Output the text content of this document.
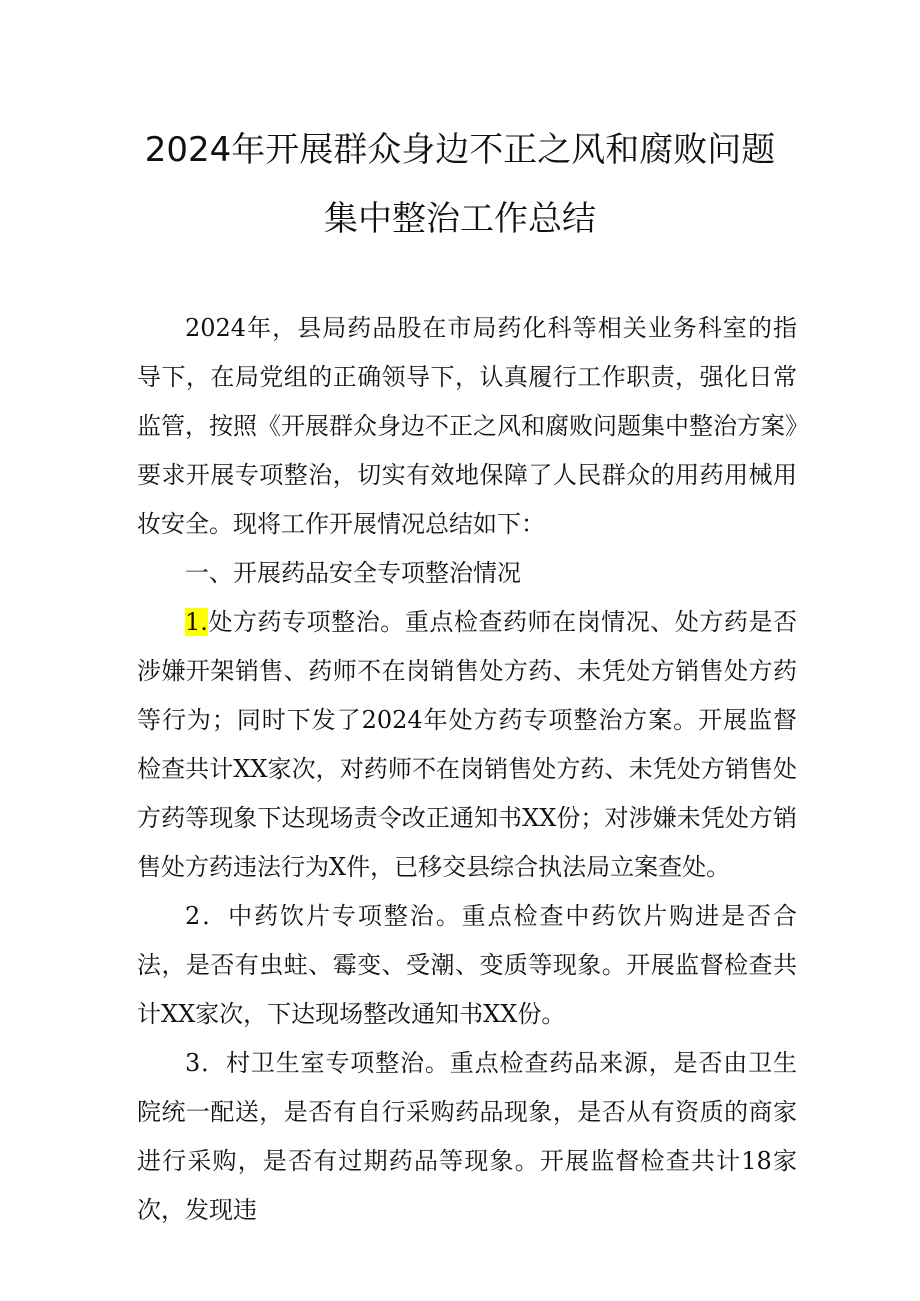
2024年开展群众身边不正之风和腐败问题
集中整治工作总结

2024年，县局药品股在市局药化科等相关业务科室的指导下，在局党组的正确领导下，认真履行工作职责，强化日常监管，按照《开展群众身边不正之风和腐败问题集中整治方案》要求开展专项整治，切实有效地保障了人民群众的用药用械用妆安全。现将工作开展情况总结如下：

一、开展药品安全专项整治情况

1.处方药专项整治。重点检查药师在岗情况、处方药是否涉嫌开架销售、药师不在岗销售处方药、未凭处方销售处方药等行为；同时下发了2024年处方药专项整治方案。开展监督检查共计XX家次，对药师不在岗销售处方药、未凭处方销售处方药等现象下达现场责令改正通知书XX份；对涉嫌未凭处方销售处方药违法行为X件，已移交县综合执法局立案查处。

2．中药饮片专项整治。重点检查中药饮片购进是否合法，是否有虫蛀、霉变、受潮、变质等现象。开展监督检查共计XX家次，下达现场整改通知书XX份。

3．村卫生室专项整治。重点检查药品来源，是否由卫生院统一配送，是否有自行采购药品现象，是否从有资质的商家进行采购，是否有过期药品等现象。开展监督检查共计18家次，发现违
